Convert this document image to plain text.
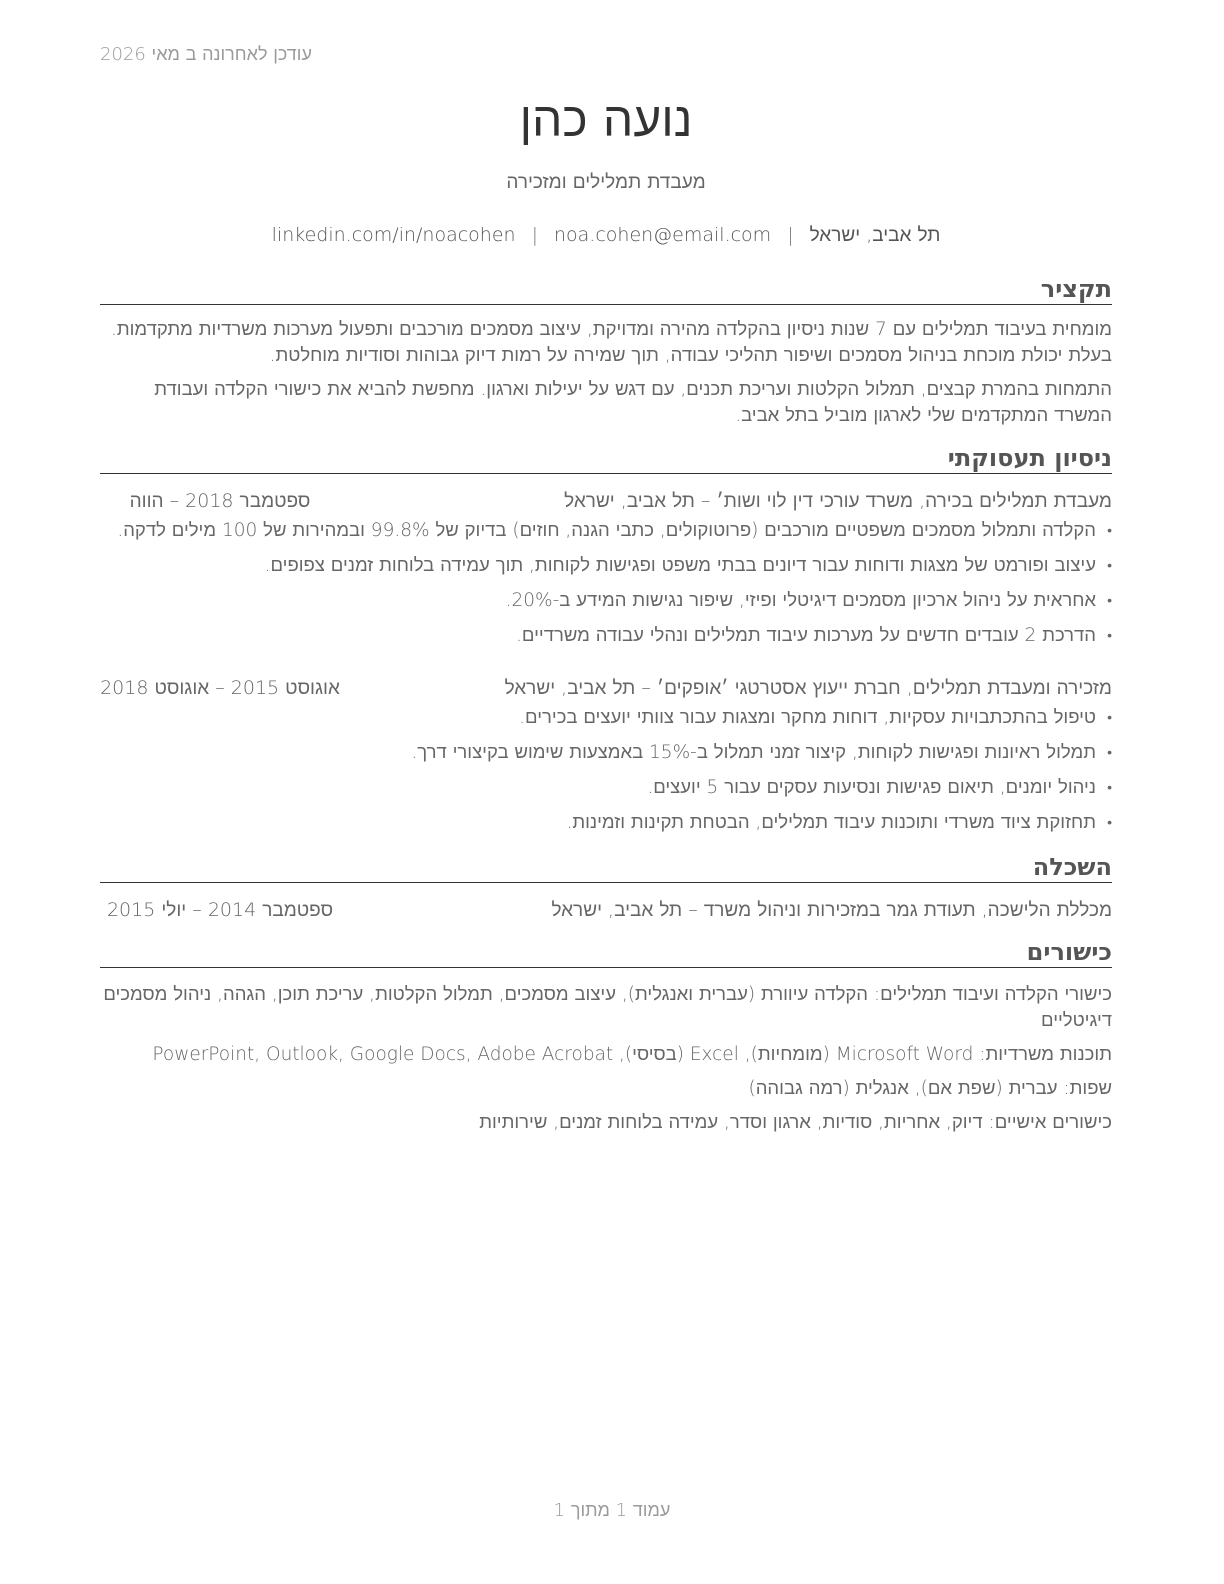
עודכן לאחרונה ב מאי 2026
נועה כהן
מעבדת תמלילים ומזכירה
תל אביב, ישראל|noa.cohen@email.com|linkedin.com/in/noacohen
תקציר

מומחית בעיבוד תמלילים עם 7 שנות ניסיון בהקלדה מהירה ומדויקת, עיצוב מסמכים מורכבים ותפעול מערכות משרדיות מתקדמות. בעלת יכולת מוכחת בניהול מסמכים ושיפור תהליכי עבודה, תוך שמירה על רמות דיוק גבוהות וסודיות מוחלטת.

התמחות בהמרת קבצים, תמלול הקלטות ועריכת תכנים, עם דגש על יעילות וארגון. מחפשת להביא את כישורי הקלדה ועבודת המשרד המתקדמים שלי לארגון מוביל בתל אביב.

ניסיון תעסוקתי
מעבדת תמלילים בכירה, משרד עורכי דין לוי ושות׳ – תל אביב, ישראל
ספטמבר 2018 – הווה
• הקלדה ותמלול מסמכים משפטיים מורכבים (פרוטוקולים, כתבי הגנה, חוזים) בדיוק של 99.8% ובמהירות של 100 מילים לדקה.
• עיצוב ופורמט של מצגות ודוחות עבור דיונים בבתי משפט ופגישות לקוחות, תוך עמידה בלוחות זמנים צפופים.
• אחראית על ניהול ארכיון מסמכים דיגיטלי ופיזי, שיפור נגישות המידע ב-20%.
• הדרכת 2 עובדים חדשים על מערכות עיבוד תמלילים ונהלי עבודה משרדיים.
מזכירה ומעבדת תמלילים, חברת ייעוץ אסטרטגי ׳אופקים׳ – תל אביב, ישראל
אוגוסט 2015 – אוגוסט 2018
• טיפול בהתכתבויות עסקיות, דוחות מחקר ומצגות עבור צוותי יועצים בכירים.
• תמלול ראיונות ופגישות לקוחות, קיצור זמני תמלול ב-15% באמצעות שימוש בקיצורי דרך.
• ניהול יומנים, תיאום פגישות ונסיעות עסקים עבור 5 יועצים.
• תחזוקת ציוד משרדי ותוכנות עיבוד תמלילים, הבטחת תקינות וזמינות.
השכלה
מכללת הלישכה, תעודת גמר במזכירות וניהול משרד – תל אביב, ישראל
ספטמבר 2014 – יולי 2015
כישורים

כישורי הקלדה ועיבוד תמלילים: הקלדה עיוורת (עברית ואנגלית), עיצוב מסמכים, תמלול הקלטות, עריכת תוכן, הגהה, ניהול מסמכים דיגיטליים

תוכנות משרדיות: Microsoft Word (מומחיות), Excel (בסיסי), PowerPoint, Outlook, Google Docs, Adobe Acrobat

שפות: עברית (שפת אם), אנגלית (רמה גבוהה)

כישורים אישיים: דיוק, אחריות, סודיות, ארגון וסדר, עמידה בלוחות זמנים, שירותיות

עמוד 1 מתוך 1
